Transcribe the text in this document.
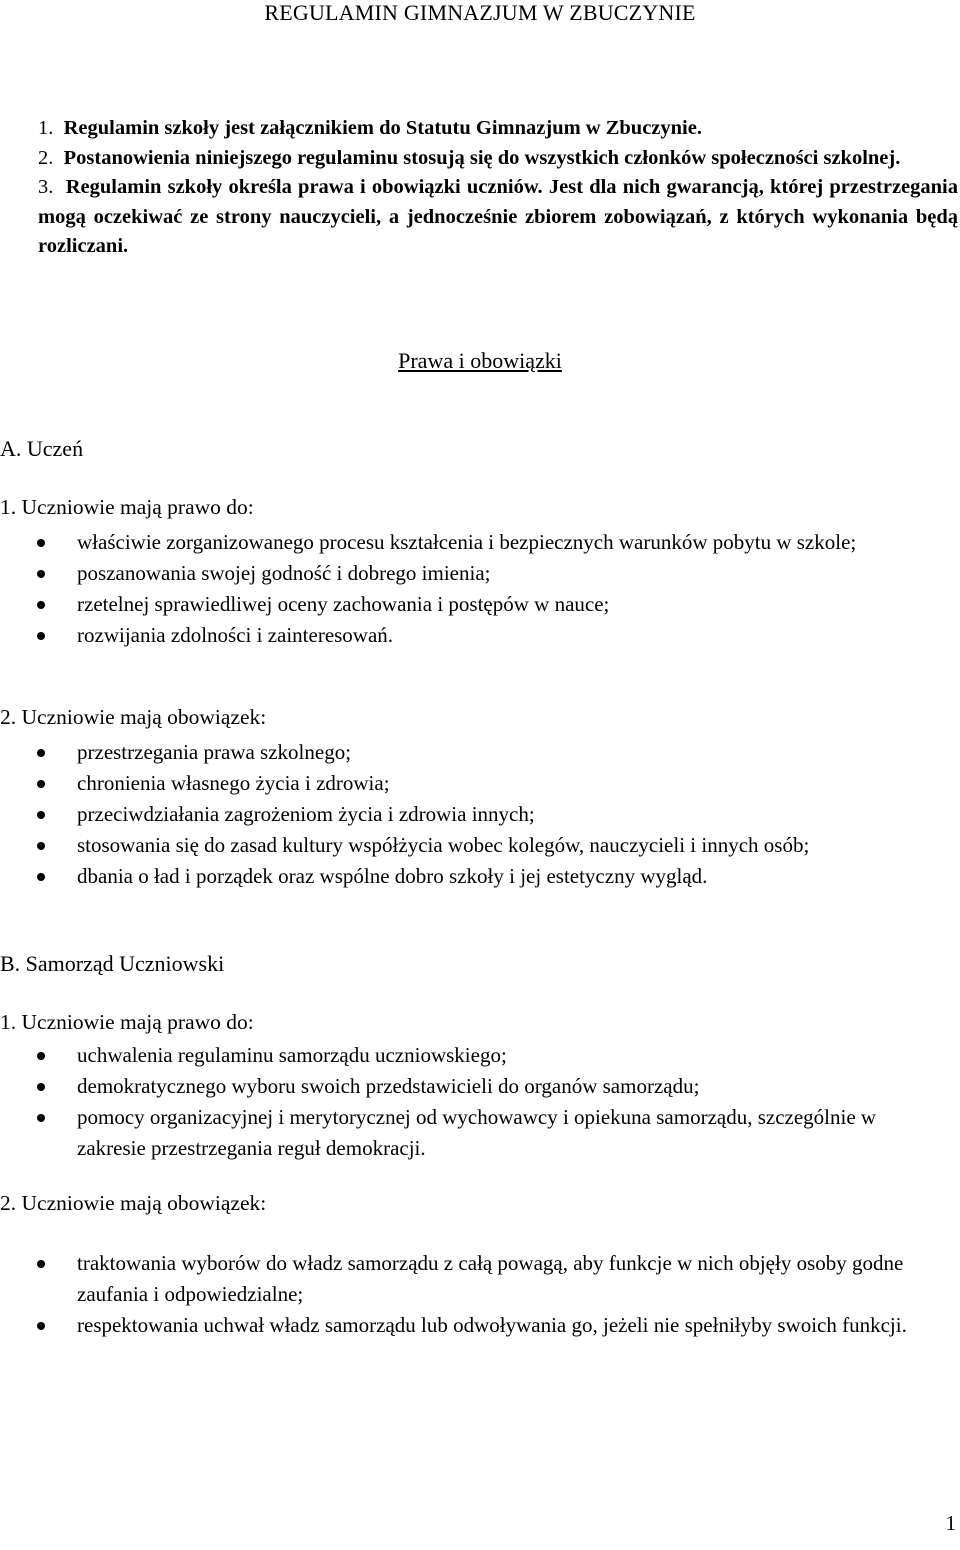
REGULAMIN GIMNAZJUM W ZBUCZYNIE
1. Regulamin szkoły jest załącznikiem do Statutu Gimnazjum w Zbuczynie.
2. Postanowienia niniejszego regulaminu stosują się do wszystkich członków społeczności szkolnej.
3. Regulamin szkoły określa prawa i obowiązki uczniów. Jest dla nich gwarancją, której przestrzegania mogą oczekiwać ze strony nauczycieli, a jednocześnie zbiorem zobowiązań, z których wykonania będą rozliczani.
Prawa i obowiązki
A. Uczeń
1. Uczniowie mają prawo do:
właściwie zorganizowanego procesu kształcenia i bezpiecznych warunków pobytu w szkole;
poszanowania swojej godność i dobrego imienia;
rzetelnej sprawiedliwej oceny zachowania i postępów w nauce;
rozwijania zdolności i zainteresowań.
2. Uczniowie mają obowiązek:
przestrzegania prawa szkolnego;
chronienia własnego życia i zdrowia;
przeciwdziałania zagrożeniom życia i zdrowia innych;
stosowania się do zasad kultury współżycia wobec kolegów, nauczycieli i innych osób;
dbania o ład i porządek oraz wspólne dobro szkoły i jej estetyczny wygląd.
B. Samorząd Uczniowski
1. Uczniowie mają prawo do:
uchwalenia regulaminu samorządu uczniowskiego;
demokratycznego wyboru swoich przedstawicieli do organów samorządu;
pomocy organizacyjnej i merytorycznej od wychowawcy i opiekuna samorządu, szczególnie w zakresie przestrzegania reguł demokracji.
2. Uczniowie mają obowiązek:
traktowania wyborów do władz samorządu z całą powagą, aby funkcje w nich objęły osoby godne zaufania i odpowiedzialne;
respektowania uchwał władz samorządu lub odwoływania go, jeżeli nie spełniłyby swoich funkcji.
1
